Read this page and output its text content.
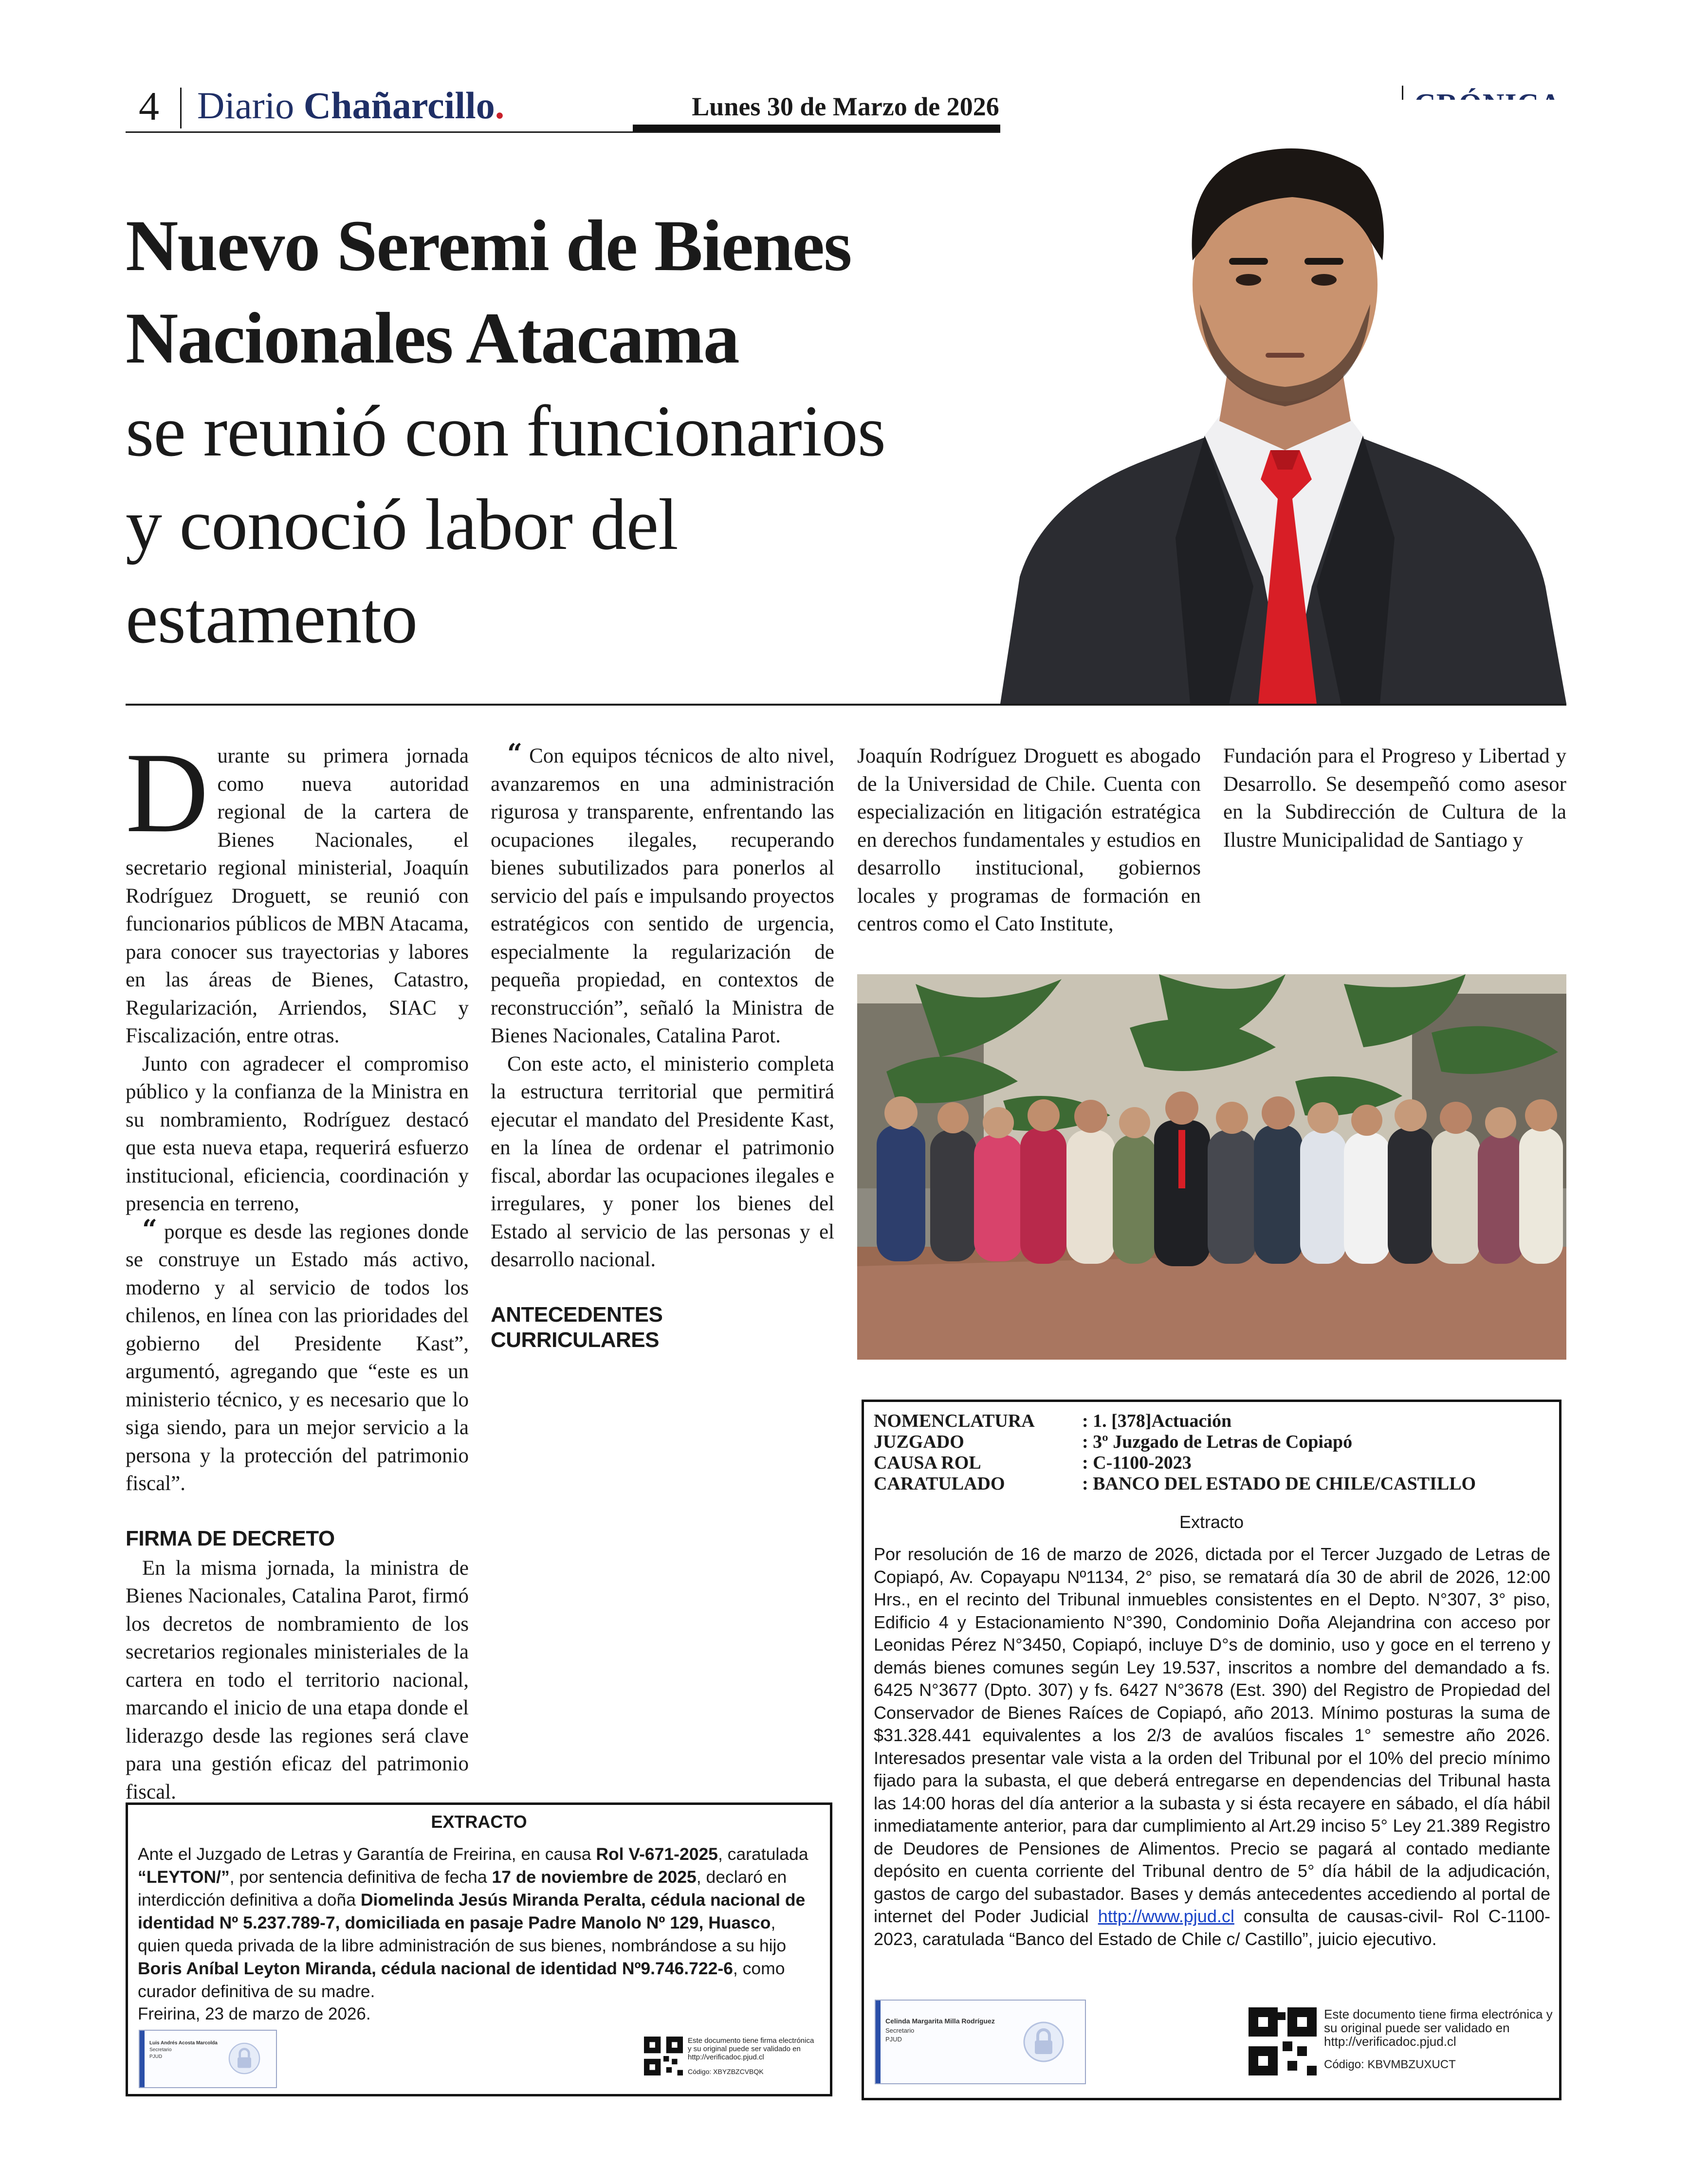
4 Diario Chañarcillo.	Lunes 30 de Marzo de 2026
Nuevo Seremi de Bienes
Nacionales Atacama
se reunió con funcionarios
y conoció labor del
estamento

Durante su primera jornada como nueva autoridad regional de la cartera de Bienes Nacionales, el secretario regional ministerial, Joaquín Rodríguez Droguett, se reunió con funcionarios públicos de MBN Atacama, para conocer sus trayectorias y labores en las áreas de Bienes, Catastro, Regularización, Arriendos, SIAC y Fiscalización, entre otras.

Junto con agradecer el compromiso público y la confianza de la Ministra en su nombramiento, Rodríguez destacó que esta nueva etapa, requerirá esfuerzo institucional, eficiencia, coordinación y presencia en terreno,

“ porque es desde las regiones donde se construye un Estado más activo, moderno y al servicio de todos los chilenos, en línea con las prioridades del gobierno del Presidente Kast”, argumentó, agregando que “este es un ministerio técnico, y es necesario que lo siga siendo, para un mejor servicio a la persona y la protección del patrimonio fiscal”.

FIRMA DE DECRETO

En la misma jornada, la ministra de Bienes Nacionales, Catalina Parot, firmó los decretos de nombramiento de los secretarios regionales ministeriales de la cartera en todo el territorio nacional, marcando el inicio de una etapa donde el liderazgo desde las regiones será clave para una gestión eficaz del patrimonio fiscal.

“ Con equipos técnicos de alto nivel, avanzaremos en una administración rigurosa y transparente, enfrentando las ocupaciones ilegales, recuperando bienes subutilizados para ponerlos al servicio del país e impulsando proyectos estratégicos con sentido de urgencia, especialmente la regularización de pequeña propiedad, en contextos de reconstrucción”, señaló la Ministra de Bienes Nacionales, Catalina Parot.

Con este acto, el ministerio completa la estructura territorial que permitirá ejecutar el mandato del Presidente Kast, en la línea de ordenar el patrimonio fiscal, abordar las ocupaciones ilegales e irregulares, y poner los bienes del Estado al servicio de las personas y el desarrollo nacional.

ANTECEDENTES
CURRICULARES

Joaquín Rodríguez Droguett es abogado de la Universidad de Chile. Cuenta con especialización en litigación estratégica en derechos fundamentales y estudios en desarrollo institucional, gobiernos locales y programas de formación en centros como el Cato Institute,

Fundación para el Progreso y Libertad y Desarrollo. Se desempeñó como asesor en la Subdirección de Cultura de la Ilustre Municipalidad de Santiago y

NOMENCLATURA	: 1. [378]Actuación
JUZGADO	: 3º Juzgado de Letras de Copiapó
CAUSA ROL	: C-1100-2023
CARATULADO	: BANCO DEL ESTADO DE CHILE/CASTILLO
Extracto
Por resolución de 16 de marzo de 2026, dictada por el Tercer Juzgado de Letras de Copiapó, Av. Copayapu Nº1134, 2° piso, se rematará día 30 de abril de 2026, 12:00 Hrs., en el recinto del Tribunal inmuebles consistentes en el Depto. N°307, 3° piso, Edificio 4 y Estacionamiento N°390, Condominio Doña Alejandrina con acceso por Leonidas Pérez N°3450, Copiapó, incluye D°s de dominio, uso y goce en el terreno y demás bienes comunes según Ley 19.537, inscritos a nombre del demandado a fs. 6425 N°3677 (Dpto. 307) y fs. 6427 N°3678 (Est. 390) del Registro de Propiedad del Conservador de Bienes Raíces de Copiapó, año 2013. Mínimo posturas la suma de $31.328.441 equivalentes a los 2/3 de avalúos fiscales 1° semestre año 2026. Interesados presentar vale vista a la orden del Tribunal por el 10% del precio mínimo fijado para la subasta, el que deberá entregarse en dependencias del Tribunal hasta las 14:00 horas del día anterior a la subasta y si ésta recayere en sábado, el día hábil inmediatamente anterior, para dar cumplimiento al Art.29 inciso 5° Ley 21.389 Registro de Deudores de Pensiones de Alimentos. Precio se pagará al contado mediante depósito en cuenta corriente del Tribunal dentro de 5° día hábil de la adjudicación, gastos de cargo del subastador. Bases y demás antecedentes accediendo al portal de internet del Poder Judicial http://www.pjud.cl consulta de causas-civil- Rol C-1100-2023, caratulada “Banco del Estado de Chile c/ Castillo”, juicio ejecutivo.
Celinda Margarita Milla Rodríguez
Secretario
PJUD
Este documento tiene firma electrónica y su original puede ser validado en http://verificadoc.pjud.cl
Código: KBVMBZUXUCT
EXTRACTO
Ante el Juzgado de Letras y Garantía de Freirina, en causa Rol V-671-2025, caratulada “LEYTON/”, por sentencia definitiva de fecha 17 de noviembre de 2025, declaró en interdicción definitiva a doña Diomelinda Jesús Miranda Peralta, cédula nacional de identidad Nº 5.237.789-7, domiciliada en pasaje Padre Manolo Nº 129, Huasco, quien queda privada de la libre administración de sus bienes, nombrándose a su hijo Boris Aníbal Leyton Miranda, cédula nacional de identidad Nº9.746.722-6, como curador definitiva de su madre.
Freirina, 23 de marzo de 2026.
Luis Andrés Acosta Marcolda
Secretario
PJUD
Este documento tiene firma electrónica y su original puede ser validado en http://verificadoc.pjud.cl
Código: XBYZBZCVBQK
